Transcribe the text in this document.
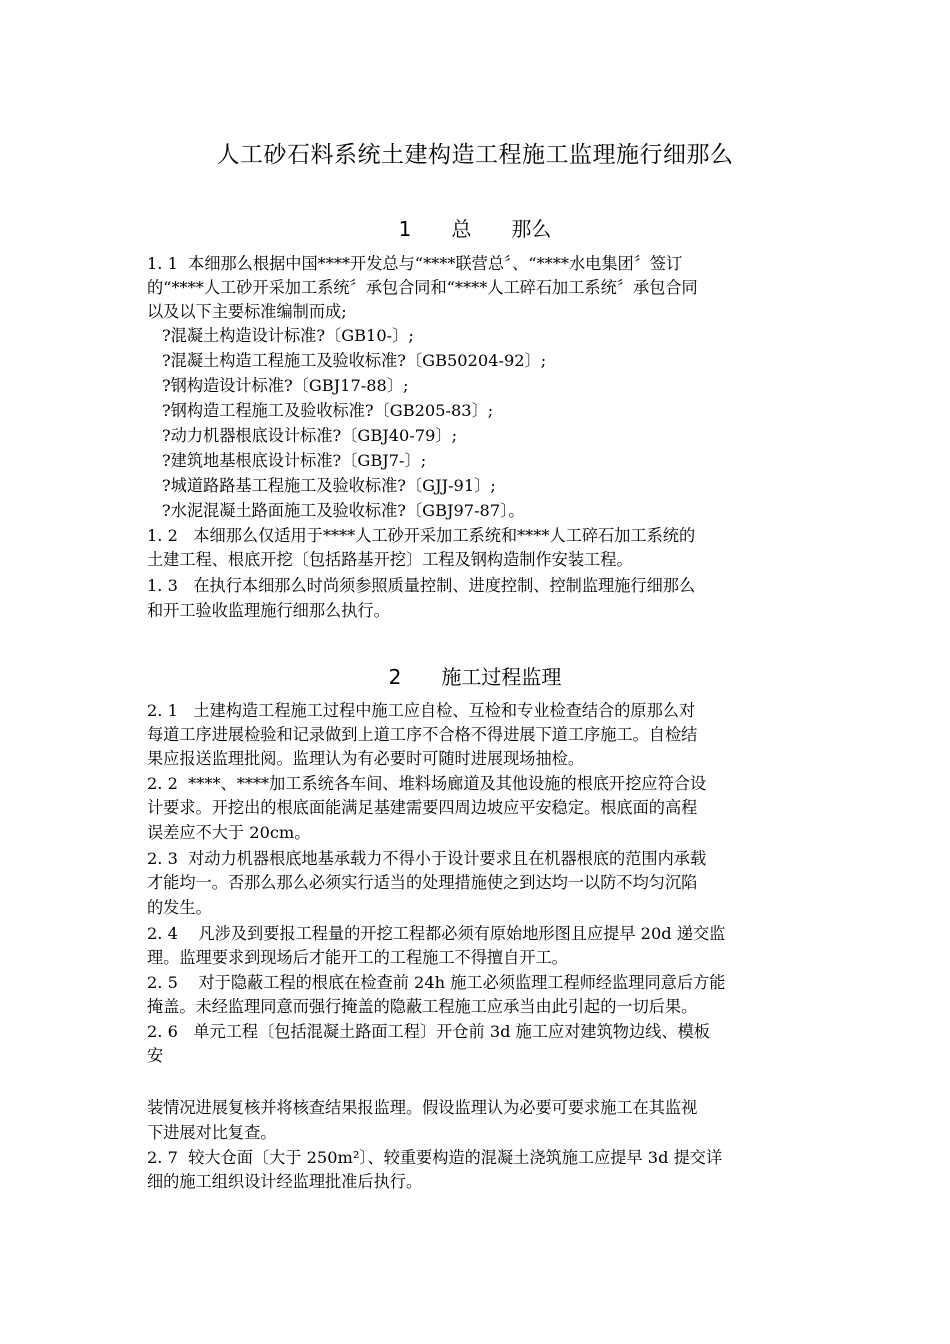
人工砂石料系统土建构造工程施工监理施行细那么
1　　总　　那么
1. 1  本细那么根据中国****开发总与“****联营总〞、“****水电集团〞签订
的“****人工砂开采加工系统〞承包合同和“****人工碎石加工系统〞承包合同
以及以下主要标准编制而成;
?混凝土构造设计标准?〔GB10-〕;
?混凝土构造工程施工及验收标准?〔GB50204-92〕;
?钢构造设计标准?〔GBJ17-88〕;
?钢构造工程施工及验收标准?〔GB205-83〕;
?动力机器根底设计标准?〔GBJ40-79〕;
?建筑地基根底设计标准?〔GBJ7-〕;
?城道路路基工程施工及验收标准?〔GJJ-91〕;
?水泥混凝土路面施工及验收标准?〔GBJ97-87〕。
1. 2   本细那么仅适用于****人工砂开采加工系统和****人工碎石加工系统的
土建工程、根底开挖〔包括路基开挖〕工程及钢构造制作安装工程。
1. 3   在执行本细那么时尚须参照质量控制、进度控制、控制监理施行细那么
和开工验收监理施行细那么执行。
2　　施工过程监理
2. 1   土建构造工程施工过程中施工应自检、互检和专业检查结合的原那么对
每道工序进展检验和记录做到上道工序不合格不得进展下道工序施工。自检结
果应报送监理批阅。监理认为有必要时可随时进展现场抽检。
2. 2  ****、****加工系统各车间、堆料场廊道及其他设施的根底开挖应符合设
计要求。开挖出的根底面能满足基建需要四周边坡应平安稳定。根底面的高程
误差应不大于 20cm。
2. 3  对动力机器根底地基承载力不得小于设计要求且在机器根底的范围内承载
才能均一。否那么那么必须实行适当的处理措施使之到达均一以防不均匀沉陷
的发生。
2. 4    凡涉及到要报工程量的开挖工程都必须有原始地形图且应提早 20d 递交监
理。监理要求到现场后才能开工的工程施工不得擅自开工。
2. 5    对于隐蔽工程的根底在检查前 24h 施工必须监理工程师经监理同意后方能
掩盖。未经监理同意而强行掩盖的隐蔽工程施工应承当由此引起的一切后果。
2. 6   单元工程〔包括混凝土路面工程〕开仓前 3d 施工应对建筑物边线、模板
安
装情况进展复核并将核查结果报监理。假设监理认为必要可要求施工在其监视
下进展对比复查。
2. 7  较大仓面〔大于 250m²〕、较重要构造的混凝土浇筑施工应提早 3d 提交详
细的施工组织设计经监理批准后执行。
